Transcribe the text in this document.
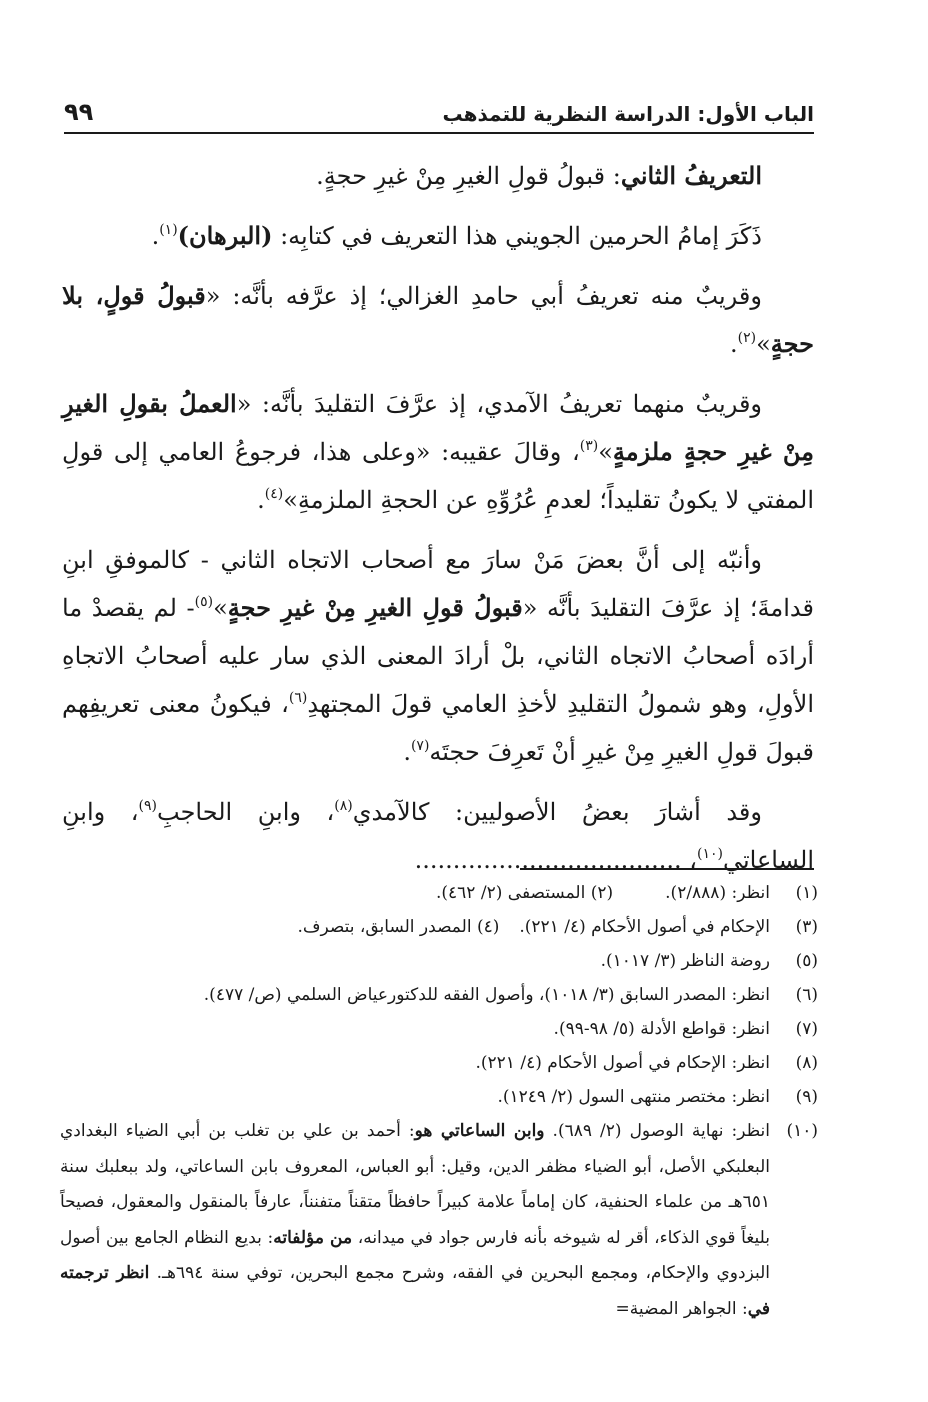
الباب الأول: الدراسة النظرية للتمذهب
٩٩

التعريفُ الثاني: قبولُ قولِ الغيرِ مِنْ غيرِ حجةٍ.

ذَكَرَ إمامُ الحرمين الجويني هذا التعريف في كتابِه: (البرهان)$^{(١)}$.

وقريبٌ منه تعريفُ أبي حامدِ الغزالي؛ إذ عرَّفه بأنَّه: «قبولُ قولٍ، بلا حجةٍ»$^{(٢)}$.

وقريبٌ منهما تعريفُ الآمدي، إذ عرَّفَ التقليدَ بأنَّه: «العملُ بقولِ الغيرِ مِنْ غيرِ حجةٍ ملزمةٍ»$^{(٣)}$، وقالَ عقيبه: «وعلى هذا، فرجوعُ العامي إلى قولِ المفتي لا يكونُ تقليداً؛ لعدمِ عُرُوِّهِ عن الحجةِ الملزمةِ»$^{(٤)}$.

وأنبّه إلى أنَّ بعضَ مَنْ سارَ مع أصحاب الاتجاه الثاني - كالموفقِ ابنِ قدامةَ؛ إذ عرَّفَ التقليدَ بأنَّه «قبولُ قولِ الغيرِ مِنْ غيرِ حجةٍ»$^{(٥)}$- لم يقصدْ ما أرادَه أصحابُ الاتجاه الثاني، بلْ أرادَ المعنى الذي سار عليه أصحابُ الاتجاهِ الأولِ، وهو شمولُ التقليدِ لأخذِ العامي قولَ المجتهدِ$^{(٦)}$، فيكونُ معنى تعريفِهم قبولَ قولِ الغيرِ مِنْ غيرِ أنْ تَعرِفَ حجتَه$^{(٧)}$.

وقد أشارَ بعضُ الأصوليين: كالآمدي$^{(٨)}$، وابنِ الحاجبِ$^{(٩)}$، وابنِ الساعاتي$^{(١٠)}$، ...................................

(١)
انظر: (٢/٨٨٨).(٢) المستصفى (٢/ ٤٦٢).
(٣)
الإحكام في أصول الأحكام (٤/ ٢٢١).(٤) المصدر السابق، بتصرف.
(٥)
روضة الناظر (٣/ ١٠١٧).
(٦)
انظر: المصدر السابق (٣/ ١٠١٨)، وأصول الفقه للدكتورعياض السلمي (ص/ ٤٧٧).
(٧)
انظر: قواطع الأدلة (٥/ ٩٨-٩٩).
(٨)
انظر: الإحكام في أصول الأحكام (٤/ ٢٢١).
(٩)
انظر: مختصر منتهى السول (٢/ ١٢٤٩).
(١٠)
انظر: نهاية الوصول (٢/ ٦٨٩). وابن الساعاتي هو: أحمد بن علي بن تغلب بن أبي الضياء البغدادي البعلبكي الأصل، أبو الضياء مظفر الدين، وقيل: أبو العباس، المعروف بابن الساعاتي، ولد ببعلبك سنة ٦٥١هـ من علماء الحنفية، كان إماماً علامة كبيراً حافظاً متقناً متفنناً، عارفاً بالمنقول والمعقول، فصيحاً بليغاً قوي الذكاء، أقر له شيوخه بأنه فارس جواد في ميدانه، من مؤلفاته: بديع النظام الجامع بين أصول البزدوي والإحكام، ومجمع البحرين في الفقه، وشرح مجمع البحرين، توفي سنة ٦٩٤هـ. انظر ترجمته في: الجواهر المضية=
